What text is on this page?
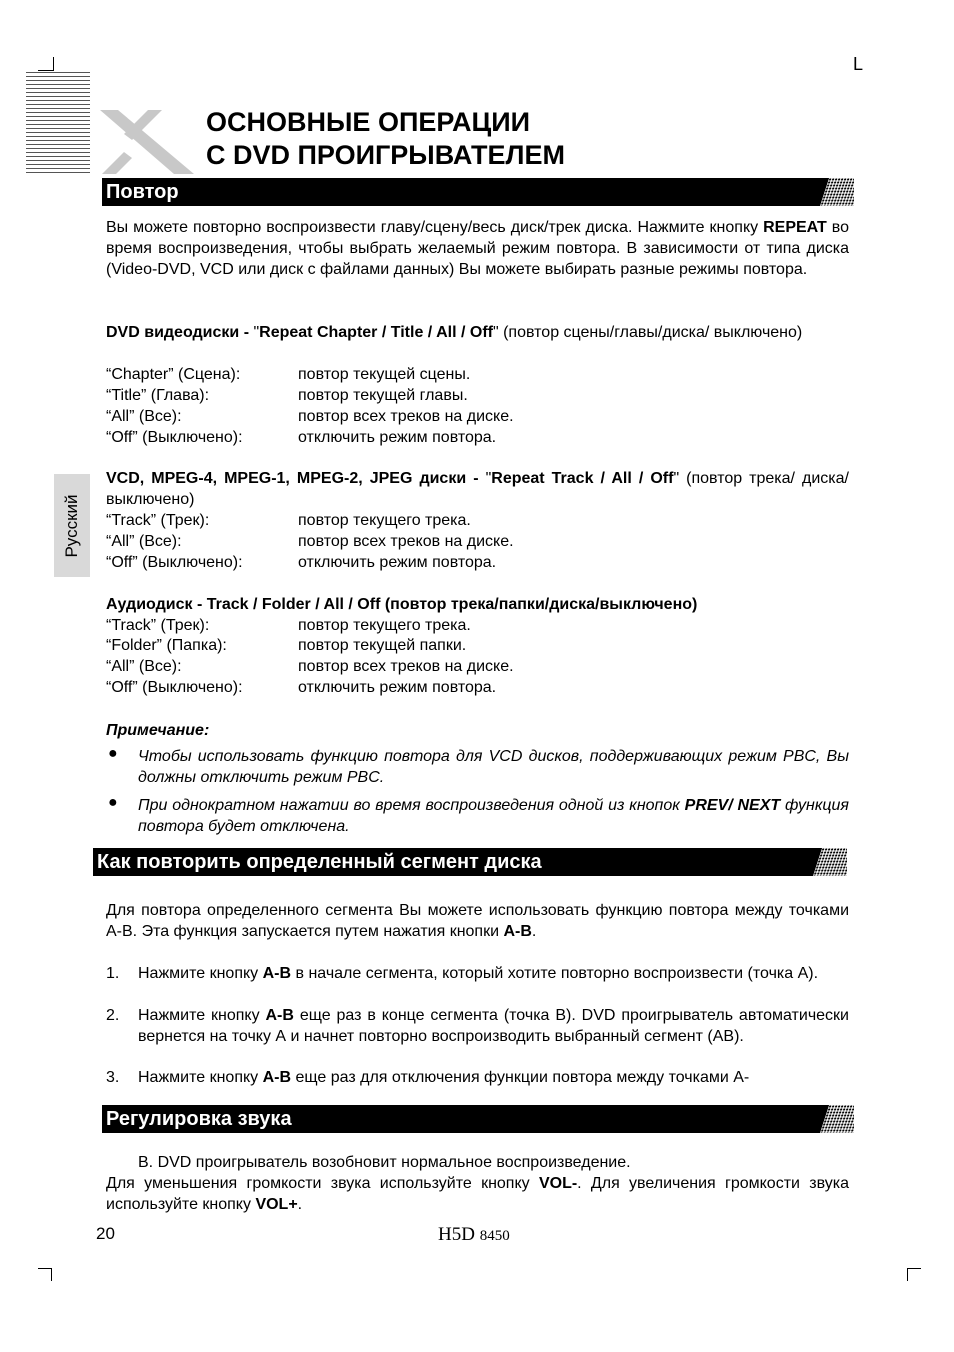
L
ОСНОВНЫЕ ОПЕРАЦИИ
С DVD ПРОИГРЫВАТЕЛЕМ
Русский
Повтор
Вы можете повторно воспроизвести главу/сцену/весь диск/трек диска. Нажмите кнопку REPEAT во время воспроизведения, чтобы выбрать желаемый режим повтора. В зависимости от типа диска (Video-DVD, VCD или диск с файлами данных) Вы можете выбирать разные режимы повтора.
DVD видеодиски - "Repeat Chapter / Title / All / Off" (повтор сцены/главы/диска/ выключено)
“Chapter” (Сцена):	повтор текущей сцены.
“Title” (Глава):	повтор текущей главы.
“All” (Все):	повтор всех треков на диске.
“Off” (Выключено):	отключить режим повтора.
VCD, MPEG-4, MPEG-1, MPEG-2, JPEG диски - "Repeat Track / All / Off" (повтор трека/ диска/выключено)
“Track” (Трек):	повтор текущего трека.
“All” (Все):	повтор всех треков на диске.
“Off” (Выключено):	отключить режим повтора.
Аудиодиск - Track / Folder / All / Off (повтор трека/папки/диска/выключено)
“Track” (Трек):	повтор текущего трека.
“Folder” (Папка):	повтор текущей папки.
“All” (Все):	повтор всех треков на диске.
“Off” (Выключено):	отключить режим повтора.
Примечание:
● Чтобы использовать функцию повтора для VCD дисков, поддерживающих режим PBC, Вы должны отключить режим PBC.
● При однократном нажатии во время воспроизведения одной из кнопок PREV/ NEXT функция повтора будет отключена.
Как повторить определенный сегмент диска
Для повтора определенного сегмента Вы можете использовать функцию повтора между точками А-В. Эта функция запускается путем нажатия кнопки A-B.
1. Нажмите кнопку A-B в начале сегмента, который хотите повторно воспроизвести (точка А).
2. Нажмите кнопку A-B еще раз в конце сегмента (точка В). DVD проигрыватель автоматически вернется на точку А и начнет повторно воспроизводить выбранный сегмент (АВ).
3. Нажмите кнопку A-B еще раз для отключения функции повтора между точками А-
Регулировка звука
В. DVD проигрыватель возобновит нормальное воспроизведение.
Для уменьшения громкости звука используйте кнопку VOL-. Для увеличения громкости звука используйте кнопку VOL+.
20	H5D 8450
